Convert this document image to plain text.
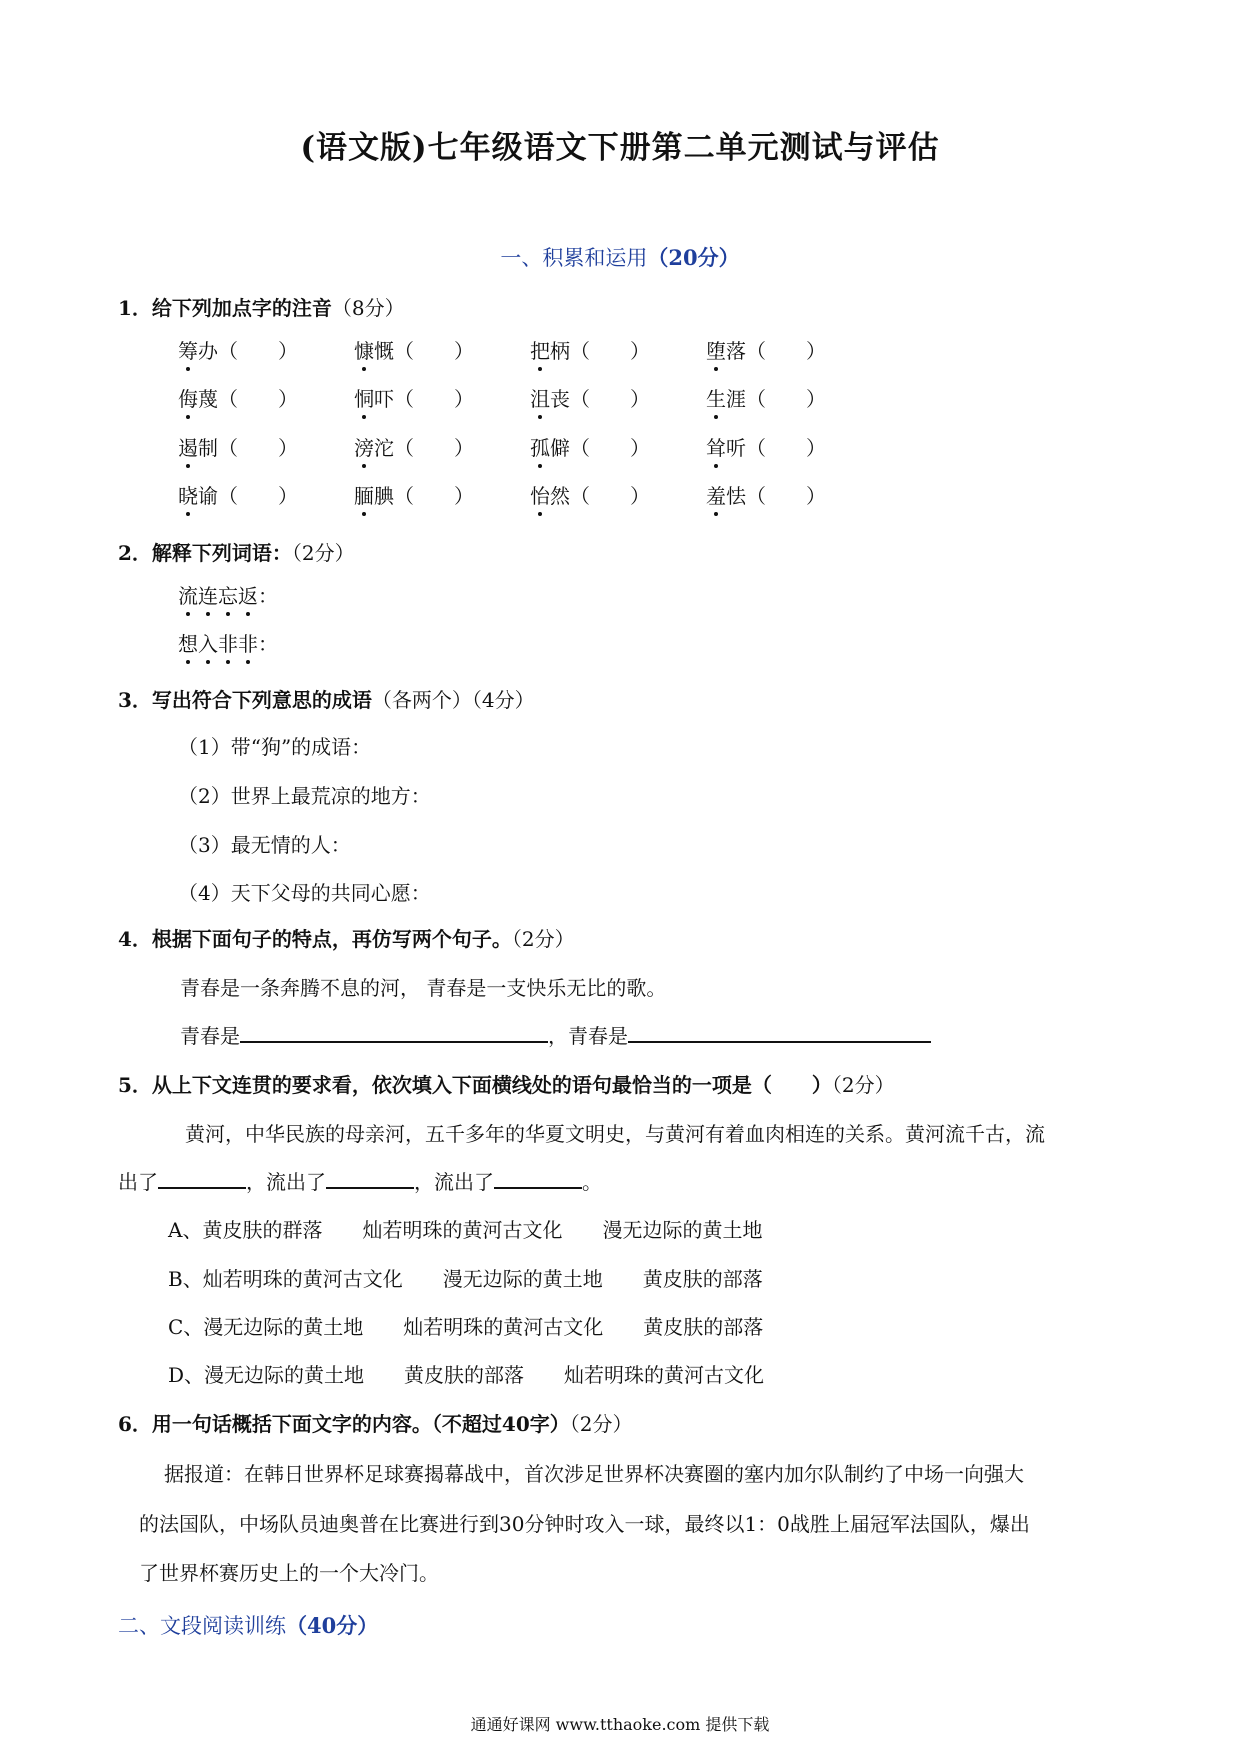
(语文版)七年级语文下册第二单元测试与评估
一、积累和运用（20分）
1．给下列加点字的注音（8分）
筹办（　　）	慷慨（　　）	把柄（　　）	堕落（　　）
侮蔑（　　）	恫吓（　　）	沮丧（　　）	生涯（　　）
遏制（　　）	滂沱（　　）	孤僻（　　）	耸听（　　）
晓谕（　　）	腼腆（　　）	怡然（　　）	羞怯（　　）
2．解释下列词语：（2分）
流连忘返：
想入非非：
3．写出符合下列意思的成语（各两个）（4分）
（1）带“狗”的成语：
（2）世界上最荒凉的地方：
（3）最无情的人：
（4）天下父母的共同心愿：
4．根据下面句子的特点，再仿写两个句子。（2分）
青春是一条奔腾不息的河， 青春是一支快乐无比的歌。
青春是	，青春是
5．从上下文连贯的要求看，依次填入下面横线处的语句最恰当的一项是（　　）（2分）
黄河，中华民族的母亲河，五千多年的华夏文明史，与黄河有着血肉相连的关系。黄河流千古，流
出了	，流出了	，流出了	。
A、黄皮肤的群落　　灿若明珠的黄河古文化　　漫无边际的黄土地
B、灿若明珠的黄河古文化　　漫无边际的黄土地　　黄皮肤的部落
C、漫无边际的黄土地　　灿若明珠的黄河古文化　　黄皮肤的部落
D、漫无边际的黄土地　　黄皮肤的部落　　灿若明珠的黄河古文化
6．用一句话概括下面文字的内容。（不超过40字）（2分）
据报道：在韩日世界杯足球赛揭幕战中，首次涉足世界杯决赛圈的塞内加尔队制约了中场一向强大
的法国队，中场队员迪奥普在比赛进行到30分钟时攻入一球，最终以1：0战胜上届冠军法国队，爆出
了世界杯赛历史上的一个大冷门。
二、文段阅读训练（40分）
通通好课网 www.tthaoke.com 提供下载
